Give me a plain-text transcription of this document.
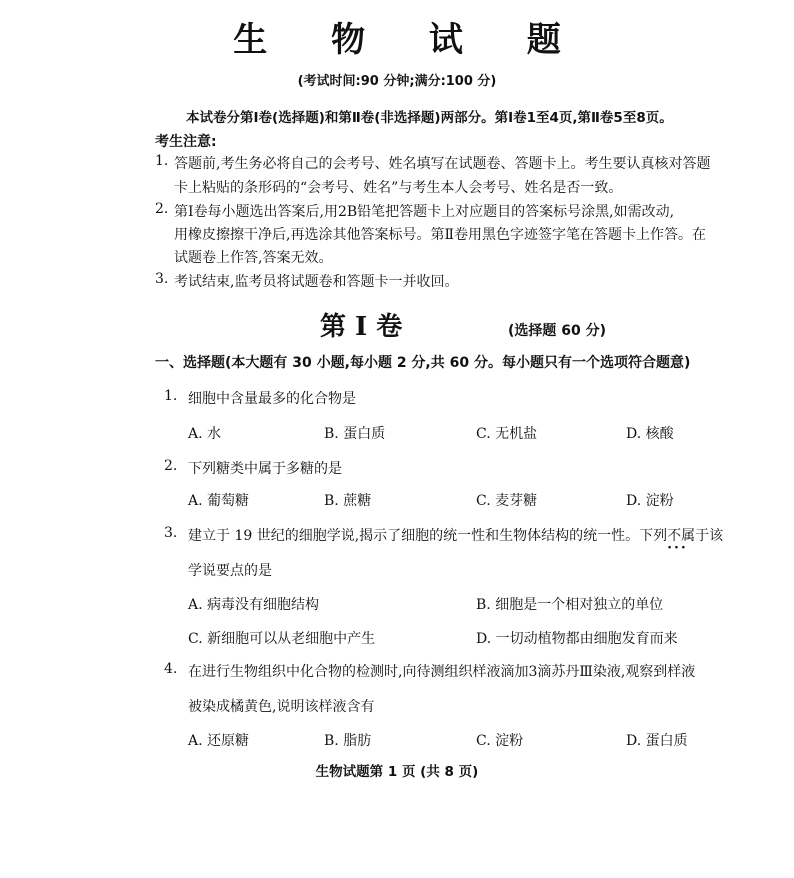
生 物 试 题
(考试时间:90 分钟;满分:100 分)
本试卷分第Ⅰ卷(选择题)和第Ⅱ卷(非选择题)两部分。第Ⅰ卷1至4页,第Ⅱ卷5至8页。
考生注意:
1. 答题前,考生务必将自己的会考号、姓名填写在试题卷、答题卡上。考生要认真核对答题
卡上粘贴的条形码的“会考号、姓名”与考生本人会考号、姓名是否一致。
2. 第Ⅰ卷每小题选出答案后,用2B铅笔把答题卡上对应题目的答案标号涂黑,如需改动,
用橡皮擦擦干净后,再选涂其他答案标号。第Ⅱ卷用黑色字迹签字笔在答题卡上作答。在
试题卷上作答,答案无效。
3. 考试结束,监考员将试题卷和答题卡一并收回。
第 Ⅰ 卷	(选择题 60 分)
一、选择题(本大题有 30 小题,每小题 2 分,共 60 分。每小题只有一个选项符合题意)
1. 细胞中含量最多的化合物是
A. 水	B. 蛋白质	C. 无机盐	D. 核酸
2. 下列糖类中属于多糖的是
A. 葡萄糖	B. 蔗糖	C. 麦芽糖	D. 淀粉
3. 建立于 19 世纪的细胞学说,揭示了细胞的统一性和生物体结构的统一性。下列不属于 ···该
学说要点的是
A. 病毒没有细胞结构	B. 细胞是一个相对独立的单位
C. 新细胞可以从老细胞中产生	D. 一切动植物都由细胞发育而来
4. 在进行生物组织中化合物的检测时,向待测组织样液滴加3滴苏丹Ⅲ染液,观察到样液
被染成橘黄色,说明该样液含有
A. 还原糖	B. 脂肪	C. 淀粉	D. 蛋白质
生物试题第 1 页 (共 8 页)
